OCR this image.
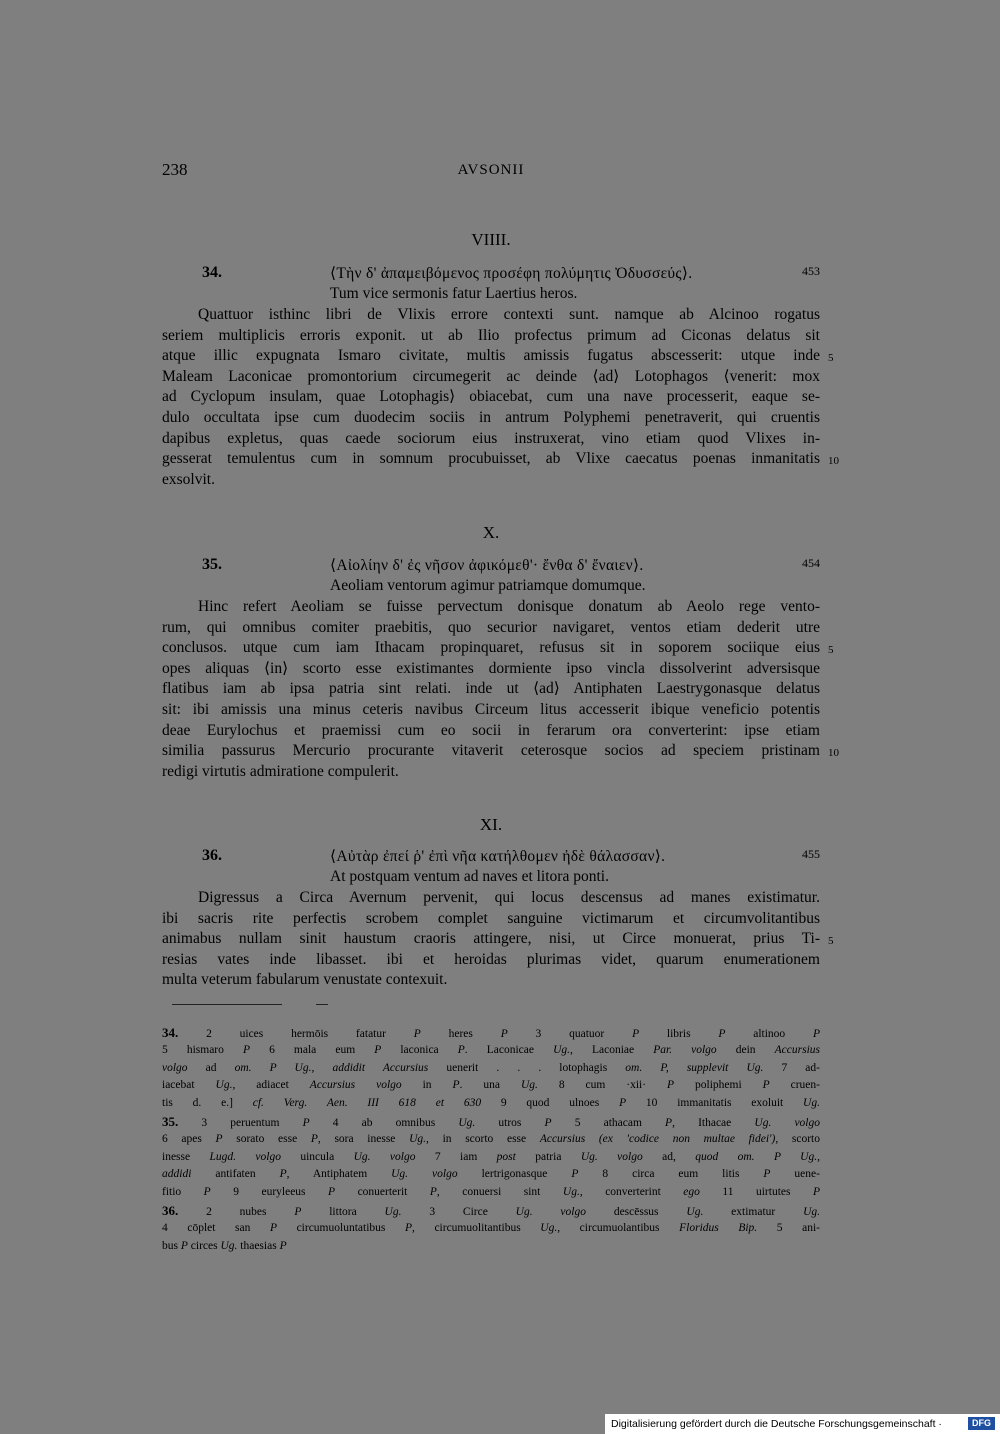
238	AVSONII
VIIII.
34.	⟨Τὴν δ' ἀπαμειβόμενος προσέφη πολύμητις Ὀδυσσεύς⟩.	453
Tum vice sermonis fatur Laertius heros.
Quattuor isthinc libri de Vlixis errore contexti sunt. namque ab Alcinoo rogatus
seriem multiplicis erroris exponit. ut ab Ilio profectus primum ad Ciconas delatus sit
atque illic expugnata Ismaro civitate, multis amissis fugatus abscesserit: utque inde 5
Maleam Laconicae promontorium circumegerit ac deinde ⟨ad⟩ Lotophagos ⟨venerit: mox
ad Cyclopum insulam, quae Lotophagis⟩ obiacebat, cum una nave processerit, eaque se-
dulo occultata ipse cum duodecim sociis in antrum Polyphemi penetraverit, qui cruentis
dapibus expletus, quas caede sociorum eius instruxerat, vino etiam quod Vlixes in-
gesserat temulentus cum in somnum procubuisset, ab Vlixe caecatus poenas inmanitatis 10
exsolvit.
X.
35.	⟨Αἰολίην δ' ἐς νῆσον ἀφικόμεθ'· ἔνθα δ' ἔναιεν⟩.	454
Aeoliam ventorum agimur patriamque domumque.
Hinc refert Aeoliam se fuisse pervectum donisque donatum ab Aeolo rege vento-
rum, qui omnibus comiter praebitis, quo securior navigaret, ventos etiam dederit utre
conclusos. utque cum iam Ithacam propinquaret, refusus sit in soporem sociique eius 5
opes aliquas ⟨in⟩ scorto esse existimantes dormiente ipso vincla dissolverint adversisque
flatibus iam ab ipsa patria sint relati. inde ut ⟨ad⟩ Antiphaten Laestrygonasque delatus
sit: ibi amissis una minus ceteris navibus Circeum litus accesserit ibique veneficio potentis
deae Eurylochus et praemissi cum eo socii in ferarum ora converterint: ipse etiam
similia passurus Mercurio procurante vitaverit ceterosque socios ad speciem pristinam 10
redigi virtutis admiratione compulerit.
XI.
36.	⟨Αὐτὰρ ἐπεί ῥ' ἐπὶ νῆα κατήλθομεν ἠδὲ θάλασσαν⟩.	455
At postquam ventum ad naves et litora ponti.
Digressus a Circa Avernum pervenit, qui locus descensus ad manes existimatur.
ibi sacris rite perfectis scrobem complet sanguine victimarum et circumvolitantibus
animabus nullam sinit haustum craoris attingere, nisi, ut Circe monuerat, prius Ti- 5
resias vates inde libasset. ibi et heroidas plurimas videt, quarum enumerationem
multa veterum fabularum venustate contexuit.
34. 2 uices hermōis fatatur P heres P 3 quatuor P libris P altinoo P
5 hismaro P 6 mala eum P laconica P. Laconicae Ug., Laconiae Par. volgo dein Accursius
volgo ad om. P Ug., addidit Accursius uenerit . . . lotophagis om. P, supplevit Ug. 7 ad-
iacebat Ug., adiacet Accursius volgo in P. una Ug. 8 cum ·xii· P poliphemi P cruen-
tis d. e.] cf. Verg. Aen. III 618 et 630 9 quod ulnoes P 10 immanitatis exoluit Ug.
35. 3 peruentum P 4 ab omnibus Ug. utros P 5 athacam P, Ithacae Ug. volgo
6 apes P sorato esse P, sora inesse Ug., in scorto esse Accursius (ex 'codice non multae fidei'), scorto
inesse Lugd. volgo uincula Ug. volgo 7 iam post patria Ug. volgo ad, quod om. P Ug.,
addidi antifaten P, Antiphatem Ug. volgo lertrigonasque P 8 circa eum litis P uene-
fitio P 9 euryleeus P conuerterit P, conuersi sint Ug., converterint ego 11 uirtutes P
36. 2 nubes P littora Ug. 3 Circe Ug. volgo descēssus Ug. extimatur Ug.
4 cōplet san P circumuoluntatibus P, circumuolitantibus Ug., circumuolantibus Floridus Bip. 5 ani-
bus P circes Ug. thaesias P
Digitalisierung gefördert durch die Deutsche Forschungsgemeinschaft ·	DFG
